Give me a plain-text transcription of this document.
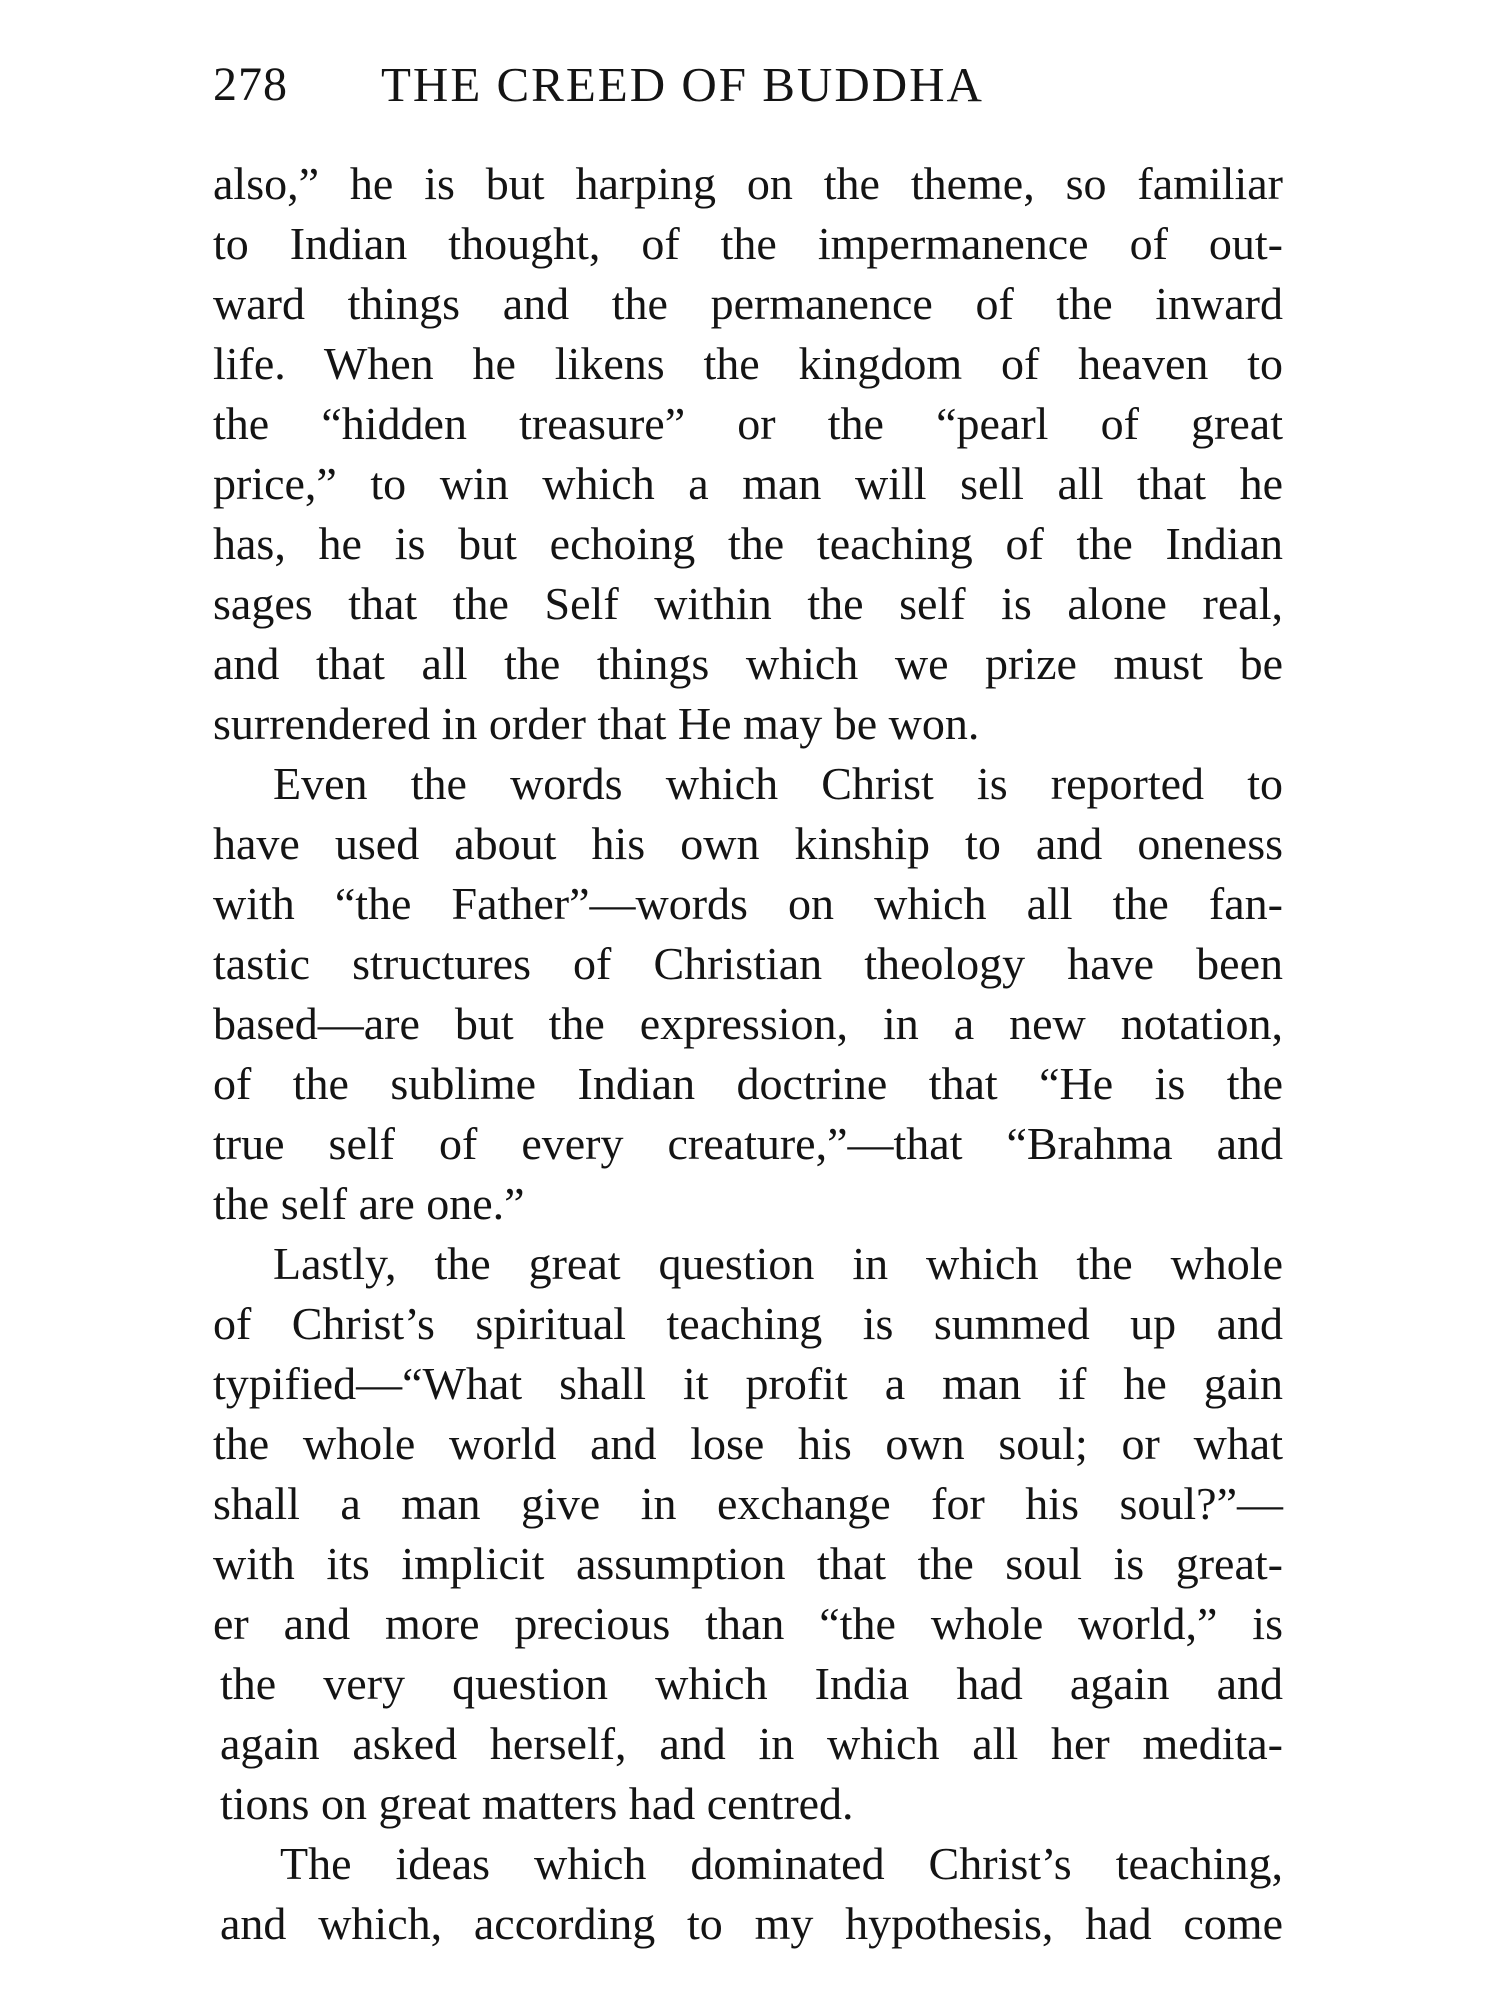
278 THE CREED OF BUDDHA
also,” he is but harping on the theme, so familiar
to Indian thought, of the impermanence of out-
ward things and the permanence of the inward
life. When he likens the kingdom of heaven to
the “hidden treasure” or the “pearl of great
price,” to win which a man will sell all that he
has, he is but echoing the teaching of the Indian
sages that the Self within the self is alone real,
and that all the things which we prize must be
surrendered in order that He may be won.
Even the words which Christ is reported to
have used about his own kinship to and oneness
with “the Father”—words on which all the fan-
tastic structures of Christian theology have been
based—are but the expression, in a new notation,
of the sublime Indian doctrine that “He is the
true self of every creature,”—that “Brahma and
the self are one.”
Lastly, the great question in which the whole
of Christ’s spiritual teaching is summed up and
typified—“What shall it profit a man if he gain
the whole world and lose his own soul; or what
shall a man give in exchange for his soul?”—
with its implicit assumption that the soul is great-
er and more precious than “the whole world,” is
the very question which India had again and
again asked herself, and in which all her medita-
tions on great matters had centred.
The ideas which dominated Christ’s teaching,
and which, according to my hypothesis, had come
